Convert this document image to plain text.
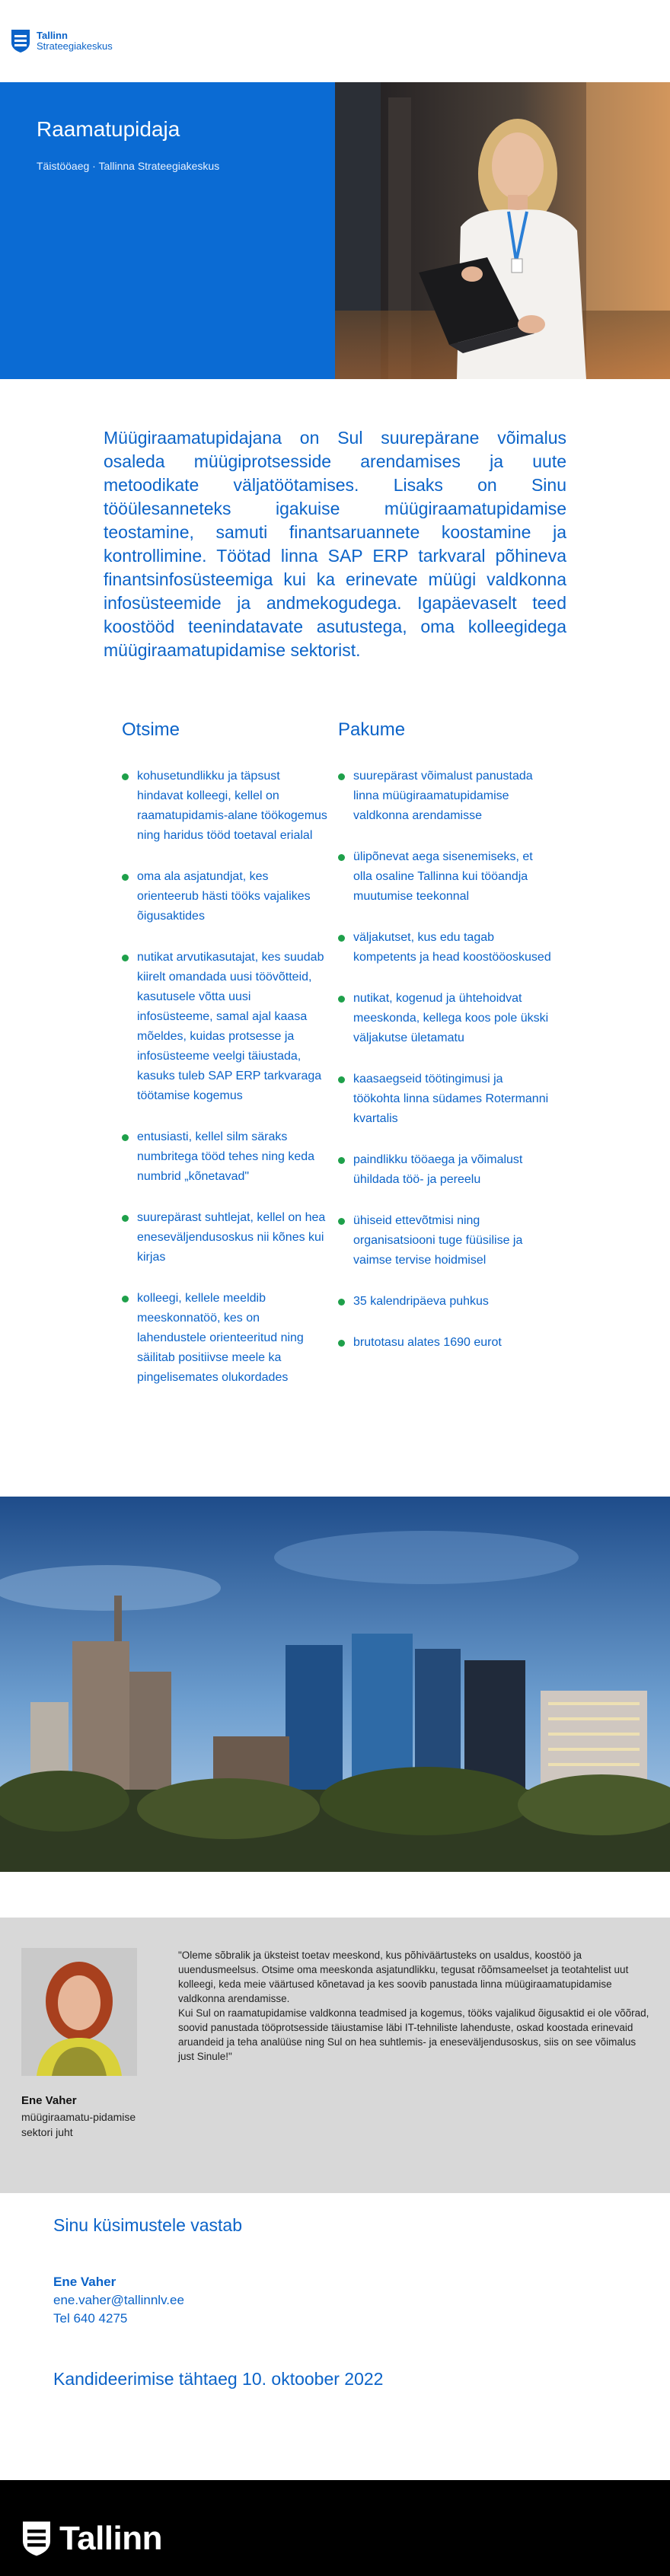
Tallinn
Strateegiakeskus
Raamatupidaja
Täistööaeg · Tallinna Strateegiakeskus

Müügiraamatupidajana on Sul suurepärane võimalus osaleda müügiprotsesside arendamises ja uute metoodikate väljatöötamises. Lisaks on Sinu tööülesanneteks igakuise müügiraamatupidamise teostamine, samuti finantsaruannete koostamine ja kontrollimine. Töötad linna SAP ERP tarkvaral põhineva finantsinfosüsteemiga kui ka erinevate müügi valdkonna infosüsteemide ja andmekogudega. Igapäevaselt teed koostööd teenindatavate asutustega, oma kolleegidega müügiraamatupidamise sektorist.

Otsime
kohusetundlikku ja täpsust hindavat kolleegi, kellel on raamatupidamis-alane töökogemus ning haridus tööd toetaval erialal
oma ala asjatundjat, kes orienteerub hästi tööks vajalikes õigusaktides
nutikat arvutikasutajat, kes suudab kiirelt omandada uusi töövõtteid, kasutusele võtta uusi infosüsteeme, samal ajal kaasa mõeldes, kuidas protsesse ja infosüsteeme veelgi täiustada, kasuks tuleb SAP ERP tarkvaraga töötamise kogemus
entusiasti, kellel silm säraks numbritega tööd tehes ning keda numbrid „kõnetavad"
suurepärast suhtlejat, kellel on hea eneseväljendusoskus nii kõnes kui kirjas
kolleegi, kellele meeldib meeskonnatöö, kes on lahendustele orienteeritud ning säilitab positiivse meele ka pingelisemates olukordades
Pakume
suurepärast võimalust panustada linna müügiraamatupidamise valdkonna arendamisse
ülipõnevat aega sisenemiseks, et olla osaline Tallinna kui tööandja muutumise teekonnal
väljakutset, kus edu tagab kompetents ja head koostööoskused
nutikat, kogenud ja ühtehoidvat meeskonda, kellega koos pole ükski väljakutse ületamatu
kaasaegseid töötingimusi ja töökohta linna südames Rotermanni kvartalis
paindlikku tööaega ja võimalust ühildada töö- ja pereelu
ühiseid ettevõtmisi ning organisatsiooni tuge füüsilise ja vaimse tervise hoidmisel
35 kalendripäeva puhkus
brutotasu alates 1690 eurot
Ene Vaher
müügiraamatu-pidamise sektori juht
"Oleme sõbralik ja üksteist toetav meeskond, kus põhiväärtusteks on usaldus, koostöö ja uuendusmeelsus. Otsime oma meeskonda asjatundlikku, tegusat rõõmsameelset ja teotahtelist uut kolleegi, keda meie väärtused kõnetavad ja kes soovib panustada linna müügiraamatupidamise valdkonna arendamisse.
Kui Sul on raamatupidamise valdkonna teadmised ja kogemus, tööks vajalikud õigusaktid ei ole võõrad, soovid panustada tööprotsesside täiustamise läbi IT-tehniliste lahenduste, oskad koostada erinevaid aruandeid ja teha analüüse ning Sul on hea suhtlemis- ja eneseväljendusoskus, siis on see võimalus just Sinule!"
Sinu küsimustele vastab
Ene Vaher
ene.vaher@tallinnlv.ee
Tel 640 4275
Kandideerimise tähtaeg 10. oktoober 2022
Tallinn
